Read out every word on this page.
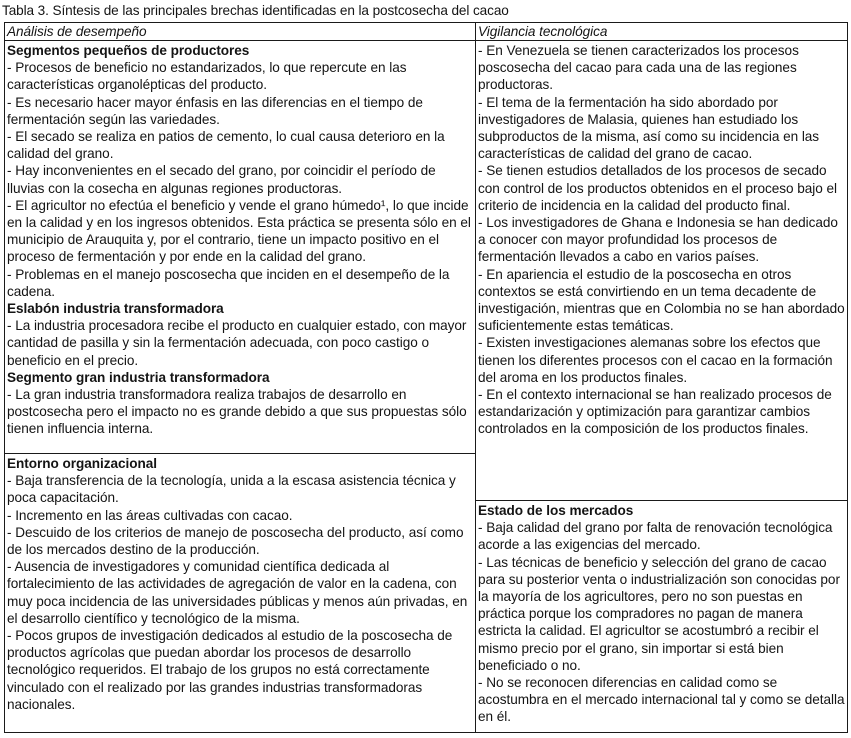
Tabla 3. Síntesis de las principales brechas identificadas en la postcosecha del cacao
Análisis de desempeño	Vigilancia tecnológica
Segmentos pequeños de productores
- Procesos de beneficio no estandarizados, lo que repercute en las características organolépticas del producto.
- Es necesario hacer mayor énfasis en las diferencias en el tiempo de fermentación según las variedades.
- El secado se realiza en patios de cemento, lo cual causa deterioro en la calidad del grano.
- Hay inconvenientes en el secado del grano, por coincidir el período de lluvias con la cosecha en algunas regiones productoras.
- El agricultor no efectúa el beneficio y vende el grano húmedo¹, lo que incide en la calidad y en los ingresos obtenidos. Esta práctica se presenta sólo en el municipio de Arauquita y, por el contrario, tiene un impacto positivo en el proceso de fermentación y por ende en la calidad del grano.
- Problemas en el manejo poscosecha que inciden en el desempeño de la cadena.
Eslabón industria transformadora
- La industria procesadora recibe el producto en cualquier estado, con mayor cantidad de pasilla y sin la fermentación adecuada, con poco castigo o beneficio en el precio.
Segmento gran industria transformadora
- La gran industria transformadora realiza trabajos de desarrollo en postcosecha pero el impacto no es grande debido a que sus propuestas sólo tienen influencia interna.
Entorno organizacional
- Baja transferencia de la tecnología, unida a la escasa asistencia técnica y poca capacitación.
- Incremento en las áreas cultivadas con cacao.
- Descuido de los criterios de manejo de poscosecha del producto, así como de los mercados destino de la producción.
- Ausencia de investigadores y comunidad científica dedicada al fortalecimiento de las actividades de agregación de valor en la cadena, con muy poca incidencia de las universidades públicas y menos aún privadas, en el desarrollo científico y tecnológico de la misma.
- Pocos grupos de investigación dedicados al estudio de la poscosecha de productos agrícolas que puedan abordar los procesos de desarrollo tecnológico requeridos. El trabajo de los grupos no está correctamente vinculado con el realizado por las grandes industrias transformadoras nacionales.
- En Venezuela se tienen caracterizados los procesos poscosecha del cacao para cada una de las regiones productoras.
- El tema de la fermentación ha sido abordado por investigadores de Malasia, quienes han estudiado los subproductos de la misma, así como su incidencia en las características de calidad del grano de cacao.
- Se tienen estudios detallados de los procesos de secado con control de los productos obtenidos en el proceso bajo el criterio de incidencia en la calidad del producto final.
- Los investigadores de Ghana e Indonesia se han dedicado a conocer con mayor profundidad los procesos de fermentación llevados a cabo en varios países.
- En apariencia el estudio de la poscosecha en otros contextos se está convirtiendo en un tema decadente de investigación, mientras que en Colombia no se han abordado suficientemente estas temáticas.
- Existen investigaciones alemanas sobre los efectos que tienen los diferentes procesos con el cacao en la formación del aroma en los productos finales.
- En el contexto internacional se han realizado procesos de estandarización y optimización para garantizar cambios controlados en la composición de los productos finales.
Estado de los mercados
- Baja calidad del grano por falta de renovación tecnológica acorde a las exigencias del mercado.
- Las técnicas de beneficio y selección del grano de cacao para su posterior venta o industrialización son conocidas por la mayoría de los agricultores, pero no son puestas en práctica porque los compradores no pagan de manera estricta la calidad. El agricultor se acostumbró a recibir el mismo precio por el grano, sin importar si está bien beneficiado o no.
- No se reconocen diferencias en calidad como se acostumbra en el mercado internacional tal y como se detalla en él.
